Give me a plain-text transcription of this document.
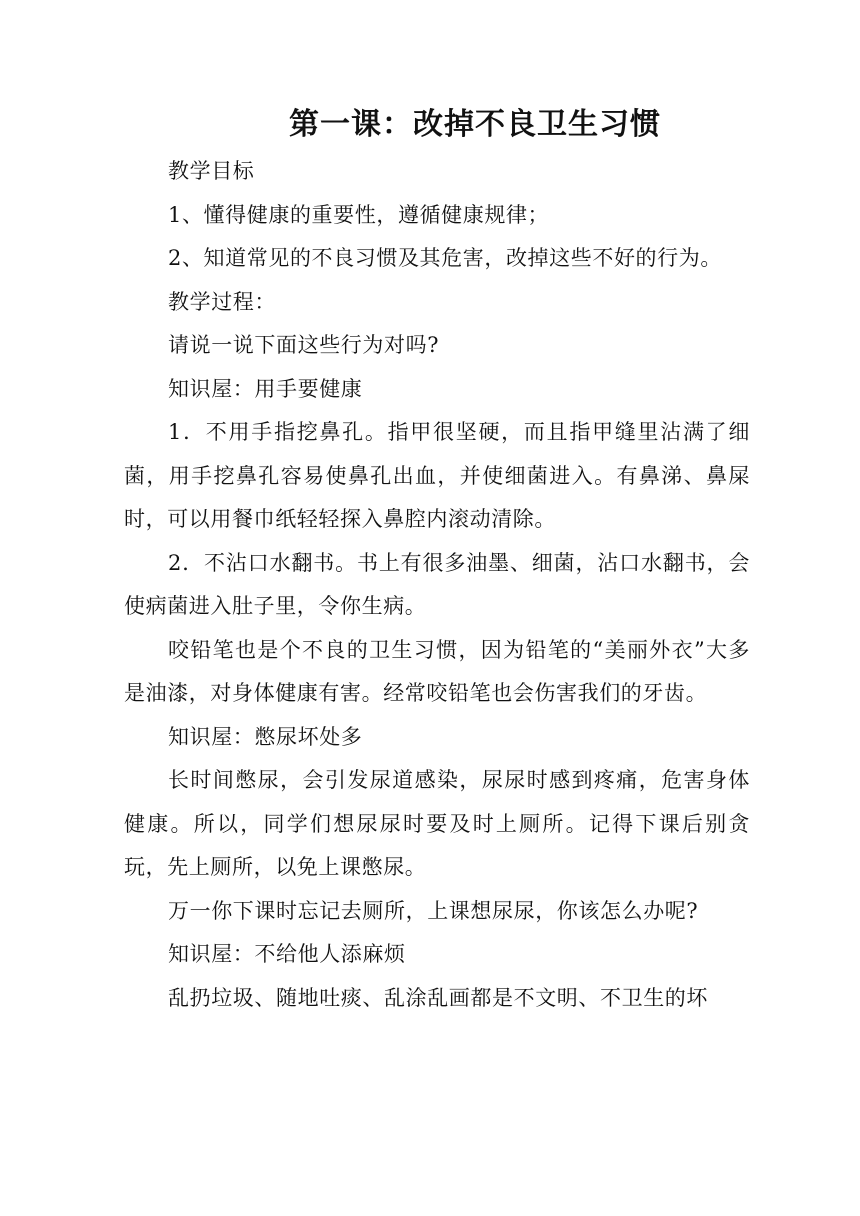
第一课：改掉不良卫生习惯

教学目标

1、懂得健康的重要性，遵循健康规律；

2、知道常见的不良习惯及其危害，改掉这些不好的行为。

教学过程：

请说一说下面这些行为对吗?

知识屋：用手要健康

1．不用手指挖鼻孔。指甲很坚硬，而且指甲缝里沾满了细菌，用手挖鼻孔容易使鼻孔出血，并使细菌进入。有鼻涕、鼻屎时，可以用餐巾纸轻轻探入鼻腔内滚动清除。

2．不沾口水翻书。书上有很多油墨、细菌，沾口水翻书，会使病菌进入肚子里，令你生病。

咬铅笔也是个不良的卫生习惯，因为铅笔的“美丽外衣”大多是油漆，对身体健康有害。经常咬铅笔也会伤害我们的牙齿。

知识屋：憋尿坏处多

长时间憋尿，会引发尿道感染，尿尿时感到疼痛，危害身体健康。所以，同学们想尿尿时要及时上厕所。记得下课后别贪玩，先上厕所，以免上课憋尿。

万一你下课时忘记去厕所，上课想尿尿，你该怎么办呢?

知识屋：不给他人添麻烦

乱扔垃圾、随地吐痰、乱涂乱画都是不文明、不卫生的坏
